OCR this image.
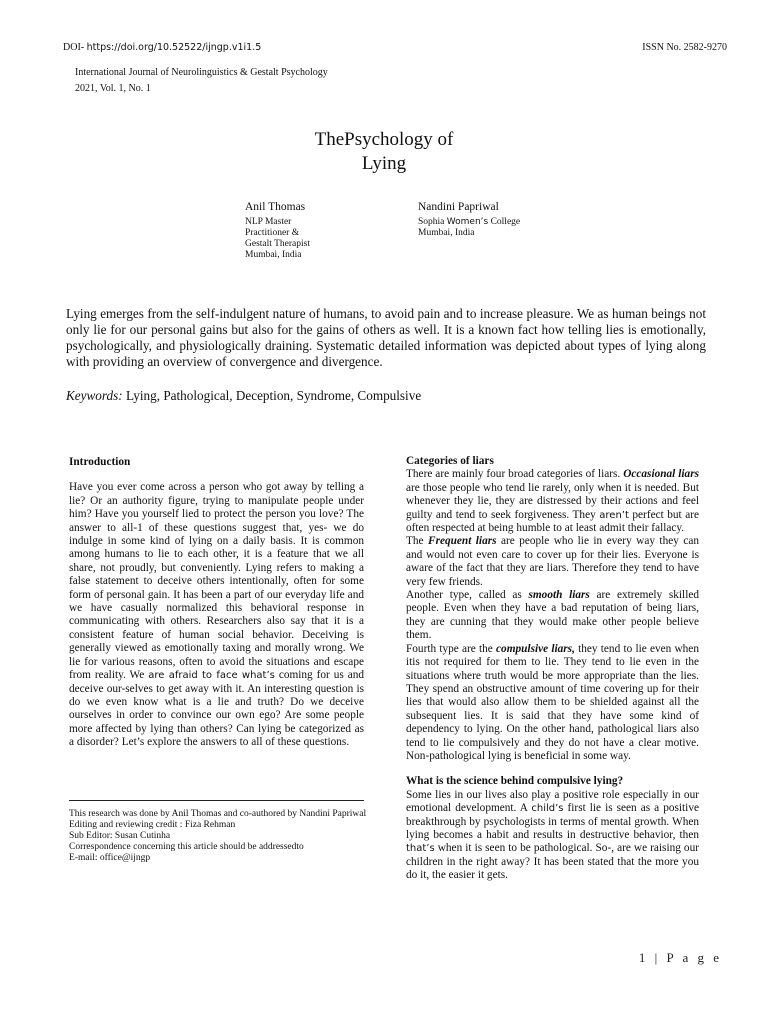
DOI- https://doi.org/10.52522/ijngp.v1i1.5	ISSN No. 2582-9270
International Journal of Neurolinguistics & Gestalt Psychology
2021, Vol. 1, No. 1
ThePsychology of
Lying
Anil Thomas
NLP Master
Practitioner &
Gestalt Therapist
Mumbai, India
Nandini Papriwal
Sophia Women’s College
Mumbai, India
Lying emerges from the self-indulgent nature of humans, to avoid pain and to increase pleasure. We as human beings not only lie for our personal gains but also for the gains of others as well. It is a known fact how telling lies is emotionally, psychologically, and physiologically draining. Systematic detailed information was depicted about types of lying along with providing an overview of convergence and divergence.
Keywords: Lying, Pathological, Deception, Syndrome, Compulsive
Introduction

Have you ever come across a person who got away by telling a lie? Or an authority figure, trying to manipulate people under him? Have you yourself lied to protect the person you love? The answer to all-1 of these questions suggest that, yes- we do indulge in some kind of lying on a daily basis. It is common among humans to lie to each other, it is a feature that we all share, not proudly, but conveniently. Lying refers to making a false statement to deceive others intentionally, often for some form of personal gain. It has been a part of our everyday life and we have casually normalized this behavioral response in communicating with others. Researchers also say that it is a consistent feature of human social behavior. Deceiving is generally viewed as emotionally taxing and morally wrong. We lie for various reasons, often to avoid the situations and escape from reality. We are afraid to face what’s coming for us and deceive our-selves to get away with it. An interesting question is do we even know what is a lie and truth? Do we deceive ourselves in order to convince our own ego? Are some people more affected by lying than others? Can lying be categorized as a disorder? Let’s explore the answers to all of these questions.

This research was done by Anil Thomas and co-authored by Nandini Papriwal
Editing and reviewing credit : Fiza Rehman
Sub Editor: Susan Cutinha
Correspondence concerning this article should be addressedto
E-mail: office@ijngp
Categories of liars

There are mainly four broad categories of liars. Occasional liars are those people who tend lie rarely, only when it is needed. But whenever they lie, they are distressed by their actions and feel guilty and tend to seek forgiveness. They aren’t perfect but are often respected at being humble to at least admit their fallacy.

The Frequent liars are people who lie in every way they can and would not even care to cover up for their lies. Everyone is aware of the fact that they are liars. Therefore they tend to have very few friends.

Another type, called as smooth liars are extremely skilled people. Even when they have a bad reputation of being liars, they are cunning that they would make other people believe them.

Fourth type are the compulsive liars, they tend to lie even when itis not required for them to lie. They tend to lie even in the situations where truth would be more appropriate than the lies. They spend an obstructive amount of time covering up for their lies that would also allow them to be shielded against all the subsequent lies. It is said that they have some kind of dependency to lying. On the other hand, pathological liars also tend to lie compulsively and they do not have a clear motive. Non-pathological lying is beneficial in some way.

What is the science behind compulsive lying?

Some lies in our lives also play a positive role especially in our emotional development. A child’s first lie is seen as a positive breakthrough by psychologists in terms of mental growth. When lying becomes a habit and results in destructive behavior, then that’s when it is seen to be pathological. So-, are we raising our children in the right away? It has been stated that the more you do it, the easier it gets.

1 | P a g e
